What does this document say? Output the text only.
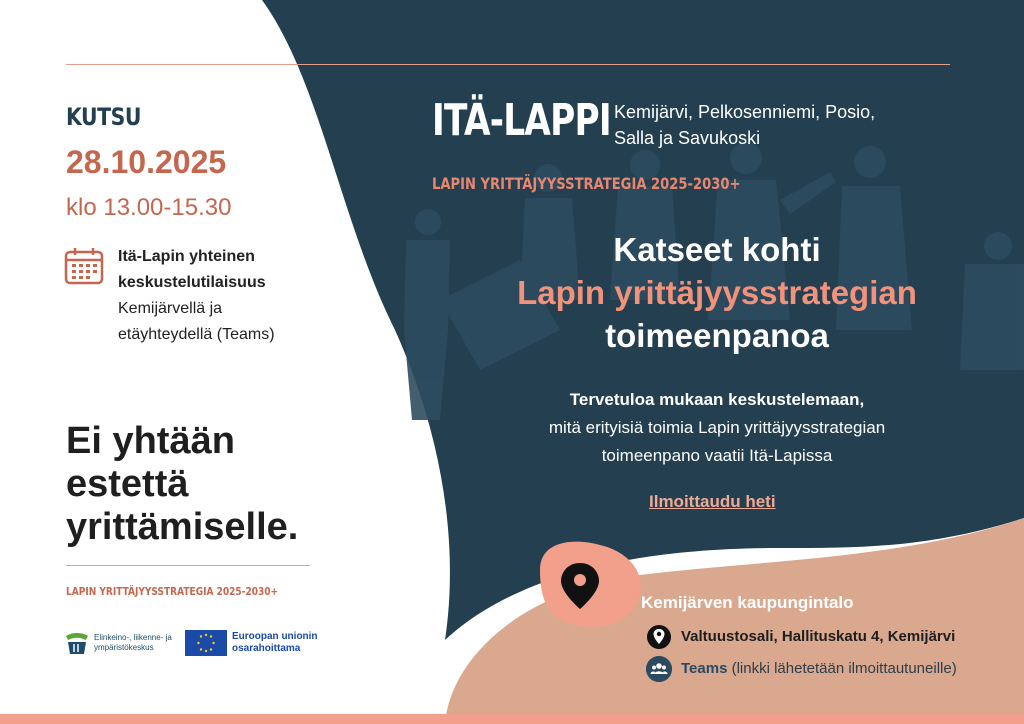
KUTSU
28.10.2025
klo 13.00-15.30
Itä-Lapin yhteinen keskustelutilaisuus
Kemijärvellä ja etäyhteydellä (Teams)
Ei yhtään estettä yrittämiselle.
LAPIN YRITTÄJYYSSTRATEGIA 2025-2030+
Elinkeino-, liikenne- ja ympäristökeskus
Euroopan unionin
osarahoittama
ITÄ-LAPPI Kemijärvi, Pelkosenniemi, Posio,
Salla ja Savukoski
LAPIN YRITTÄJYYSSTRATEGIA 2025-2030+
Katseet kohti
Lapin yrittäjyysstrategian
toimeenpanoa
Tervetuloa mukaan keskustelemaan,
mitä erityisiä toimia Lapin yrittäjyysstrategian
toimeenpano vaatii Itä-Lapissa
Ilmoittaudu heti
Kemijärven kaupungintalo
Valtuustosali, Hallituskatu 4, Kemijärvi
Teams (linkki lähetetään ilmoittautuneille)
